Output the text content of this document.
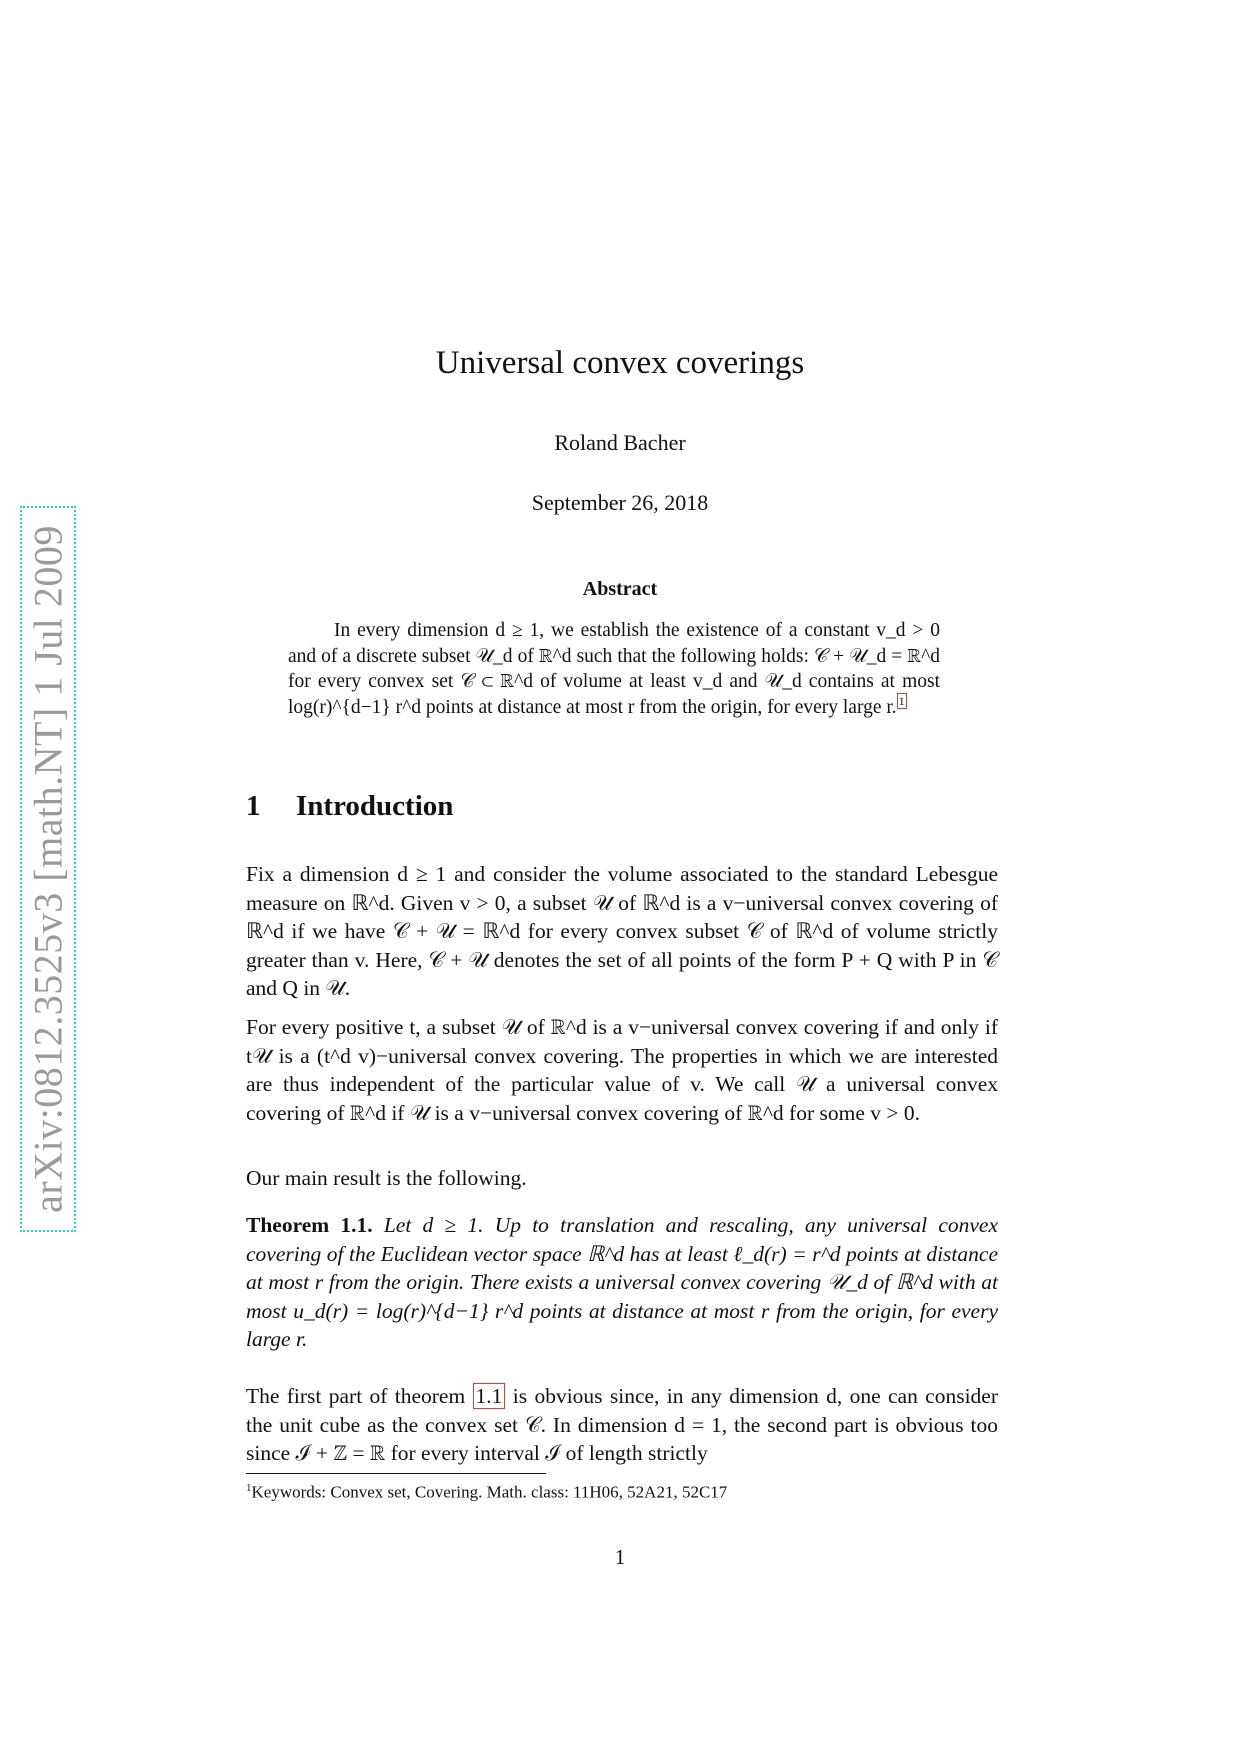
arXiv:0812.3525v3 [math.NT] 1 Jul 2009
Universal convex coverings
Roland Bacher
September 26, 2018
Abstract
In every dimension d ≥ 1, we establish the existence of a constant v_d > 0 and of a discrete subset 𝒰_d of ℝ^d such that the following holds: 𝒞 + 𝒰_d = ℝ^d for every convex set 𝒞 ⊂ ℝ^d of volume at least v_d and 𝒰_d contains at most log(r)^{d−1} r^d points at distance at most r from the origin, for every large r. $^1$
1 Introduction
Fix a dimension d ≥ 1 and consider the volume associated to the standard Lebesgue measure on ℝ^d. Given v > 0, a subset 𝒰 of ℝ^d is a v−universal convex covering of ℝ^d if we have 𝒞 + 𝒰 = ℝ^d for every convex subset 𝒞 of ℝ^d of volume strictly greater than v. Here, 𝒞 + 𝒰 denotes the set of all points of the form P + Q with P in 𝒞 and Q in 𝒰.
For every positive t, a subset 𝒰 of ℝ^d is a v−universal convex covering if and only if t𝒰 is a (t^d v)−universal convex covering. The properties in which we are interested are thus independent of the particular value of v. We call 𝒰 a universal convex covering of ℝ^d if 𝒰 is a v−universal convex covering of ℝ^d for some v > 0.
Our main result is the following.
Theorem 1.1. Let d ≥ 1. Up to translation and rescaling, any universal convex covering of the Euclidean vector space ℝ^d has at least ℓ_d(r) = r^d points at distance at most r from the origin. There exists a universal convex covering 𝒰_d of ℝ^d with at most u_d(r) = log(r)^{d−1} r^d points at distance at most r from the origin, for every large r.
The first part of theorem 1.1 is obvious since, in any dimension d, one can consider the unit cube as the convex set 𝒞. In dimension d = 1, the second part is obvious too since ℐ + ℤ = ℝ for every interval ℐ of length strictly
$^1$Keywords: Convex set, Covering. Math. class: 11H06, 52A21, 52C17
1
